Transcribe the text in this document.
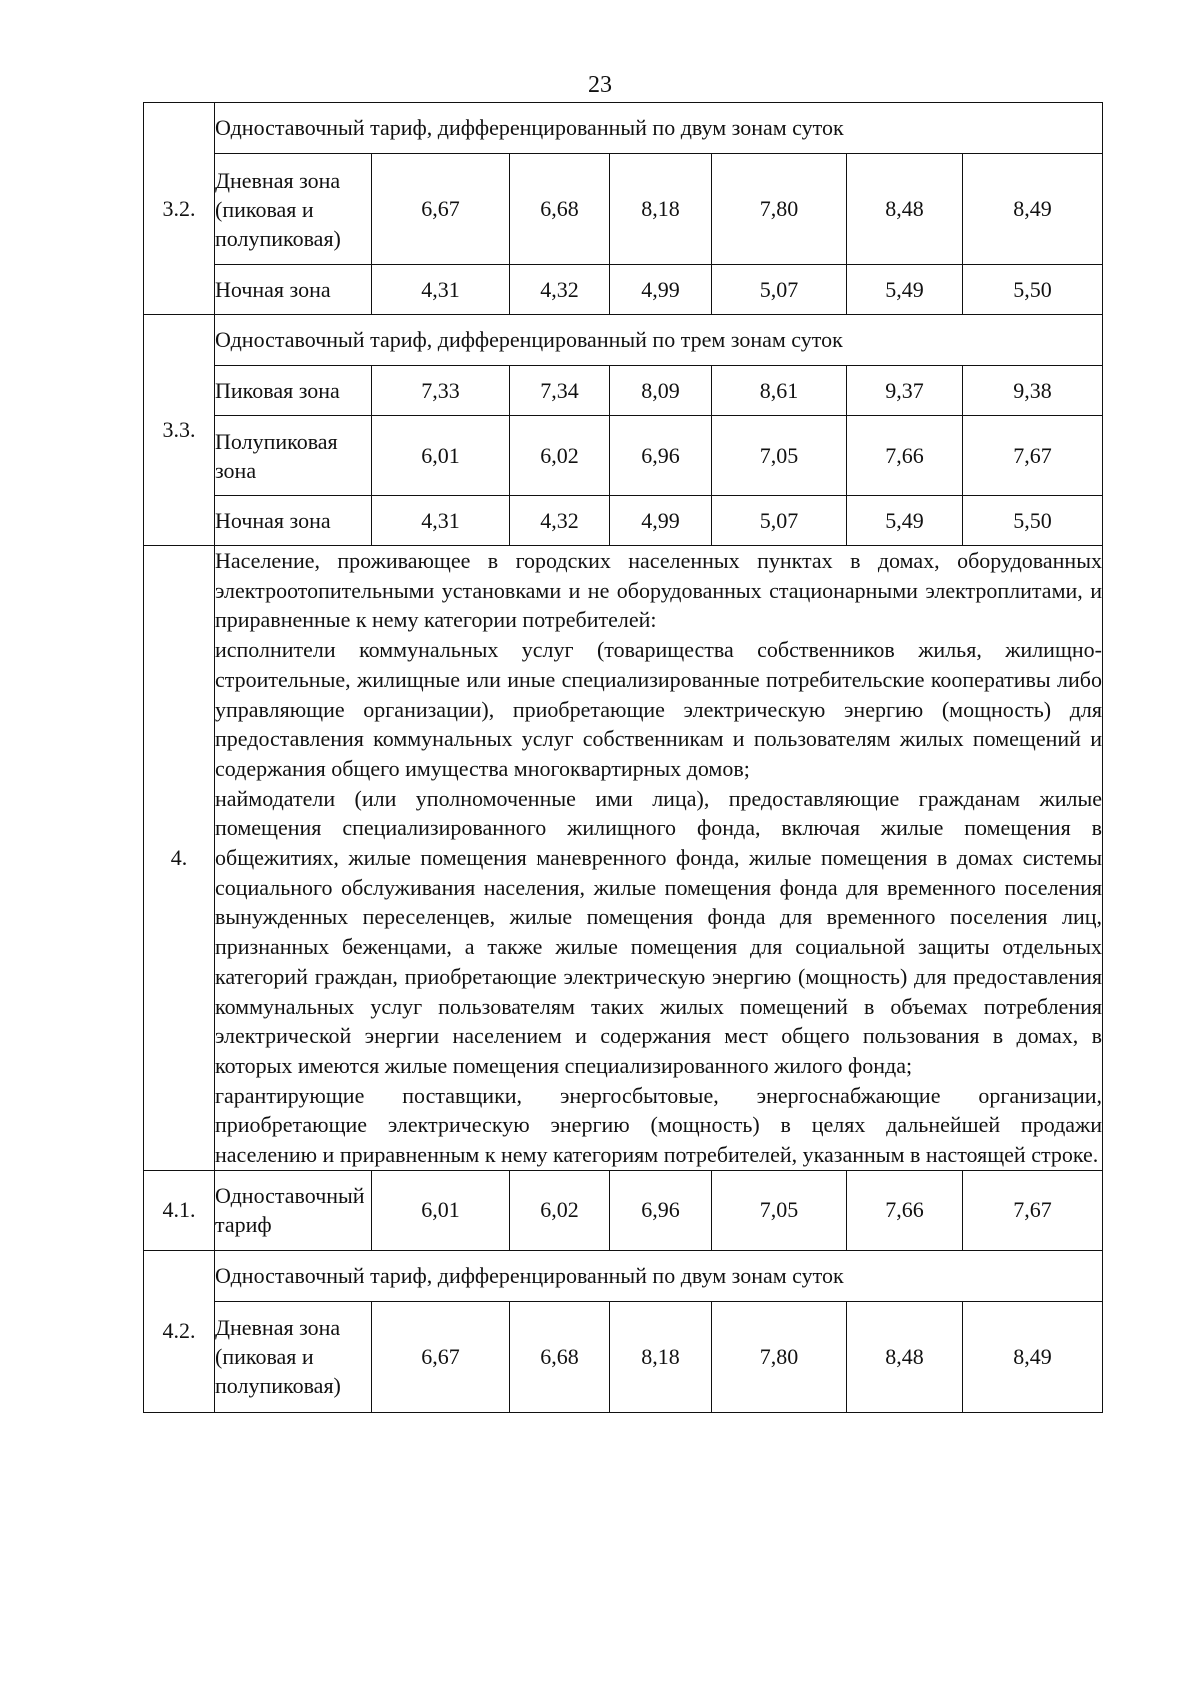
23
3.2.	Одноставочный тариф, дифференцированный по двум зонам суток						
	Дневная зона (пиковая и полупиковая)	6,67	6,68	8,18	7,80	8,48	8,49
	Ночная зона	4,31	4,32	4,99	5,07	5,49	5,50
3.3.	Одноставочный тариф, дифференцированный по трем зонам суток						
	Пиковая зона	7,33	7,34	8,09	8,61	9,37	9,38
	Полупиковая зона	6,01	6,02	6,96	7,05	7,66	7,67
	Ночная зона	4,31	4,32	4,99	5,07	5,49	5,50
4.	Население, проживающее в городских населенных пунктах в домах, оборудованных электроотопительными установками и не оборудованных стационарными электроплитами, и приравненные к нему категории потребителей:
исполнители коммунальных услуг (товарищества собственников жилья, жилищно-строительные, жилищные или иные специализированные потребительские кооперативы либо управляющие организации), приобретающие электрическую энергию (мощность) для предоставления коммунальных услуг собственникам и пользователям жилых помещений и содержания общего имущества многоквартирных домов;
наймодатели (или уполномоченные ими лица), предоставляющие гражданам жилые помещения специализированного жилищного фонда, включая жилые помещения в общежитиях, жилые помещения маневренного фонда, жилые помещения в домах системы социального обслуживания населения, жилые помещения фонда для временного поселения вынужденных переселенцев, жилые помещения фонда для временного поселения лиц, признанных беженцами, а также жилые помещения для социальной защиты отдельных категорий граждан, приобретающие электрическую энергию (мощность) для предоставления коммунальных услуг пользователям таких жилых помещений в объемах потребления электрической энергии населением и содержания мест общего пользования в домах, в которых имеются жилые помещения специализированного жилого фонда;
гарантирующие поставщики, энергосбытовые, энергоснабжающие организации, приобретающие электрическую энергию (мощность) в целях дальнейшей продажи населению и приравненным к нему категориям потребителей, указанным в настоящей строке.						

4.1.	Одноставочный тариф	6,01	6,02	6,96	7,05	7,66	7,67
4.2.	Одноставочный тариф, дифференцированный по двум зонам суток						
	Дневная зона (пиковая и полупиковая)	6,67	6,68	8,18	7,80	8,48	8,49
